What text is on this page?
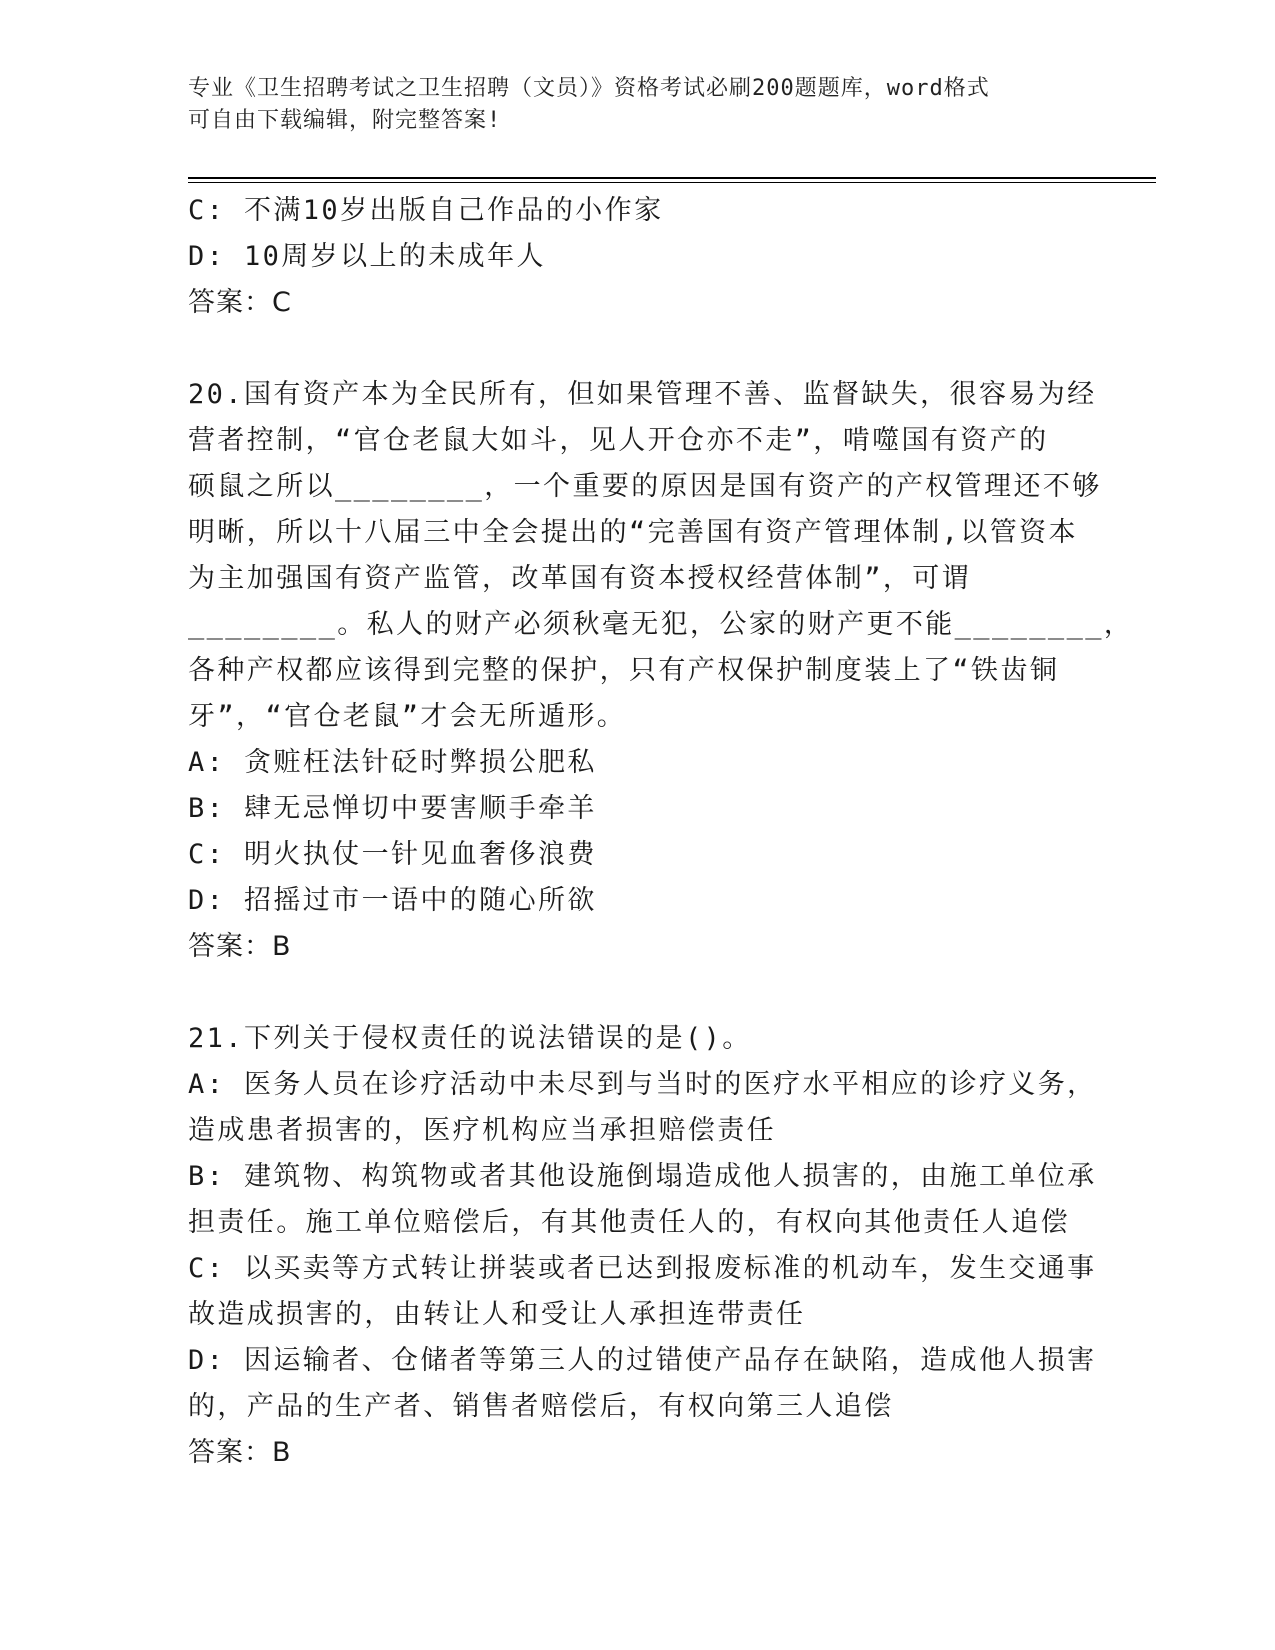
专业《卫生招聘考试之卫生招聘（文员）》资格考试必刷200题题库，word格式
可自由下载编辑，附完整答案!
C: 不满10岁出版自己作品的小作家
D: 10周岁以上的未成年人
答案：C
20.国有资产本为全民所有，但如果管理不善、监督缺失，很容易为经
营者控制，“官仓老鼠大如斗，见人开仓亦不走”，啃噬国有资产的
硕鼠之所以________，一个重要的原因是国有资产的产权管理还不够
明晰，所以十八届三中全会提出的“完善国有资产管理体制,以管资本
为主加强国有资产监管，改革国有资本授权经营体制”，可谓
________。私人的财产必须秋毫无犯，公家的财产更不能________，
各种产权都应该得到完整的保护，只有产权保护制度装上了“铁齿铜
牙”，“官仓老鼠”才会无所遁形。
A: 贪赃枉法针砭时弊损公肥私
B: 肆无忌惮切中要害顺手牵羊
C: 明火执仗一针见血奢侈浪费
D: 招摇过市一语中的随心所欲
答案：B
21.下列关于侵权责任的说法错误的是()。
A: 医务人员在诊疗活动中未尽到与当时的医疗水平相应的诊疗义务，
造成患者损害的，医疗机构应当承担赔偿责任
B: 建筑物、构筑物或者其他设施倒塌造成他人损害的，由施工单位承
担责任。施工单位赔偿后，有其他责任人的，有权向其他责任人追偿
C: 以买卖等方式转让拼装或者已达到报废标准的机动车，发生交通事
故造成损害的，由转让人和受让人承担连带责任
D: 因运输者、仓储者等第三人的过错使产品存在缺陷，造成他人损害
的，产品的生产者、销售者赔偿后，有权向第三人追偿
答案：B
